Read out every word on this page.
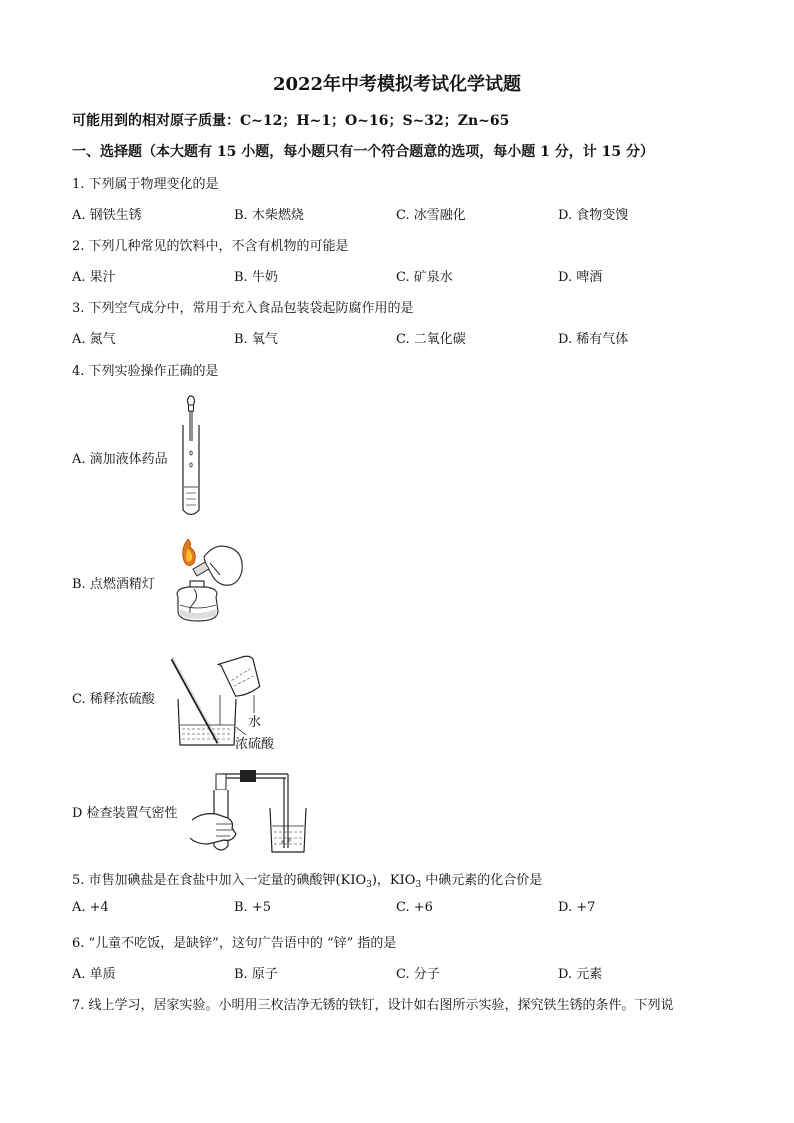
2022年中考模拟考试化学试题
可能用到的相对原子质量：C~12；H~1；O~16；S~32；Zn~65
一、选择题（本大题有 15 小题，每小题只有一个符合题意的选项，每小题 1 分，计 15 分）
1. 下列属于物理变化的是
A. 钢铁生锈	B. 木柴燃烧	C. 冰雪融化	D. 食物变馊
2. 下列几种常见的饮料中，不含有机物的可能是
A. 果汁	B. 牛奶	C. 矿泉水	D. 啤酒
3. 下列空气成分中，常用于充入食品包装袋起防腐作用的是
A. 氮气	B. 氧气	C. 二氧化碳	D. 稀有气体
4. 下列实验操作正确的是
A. 滴加液体药品
B. 点燃酒精灯
C. 稀释浓硫酸
水
浓硫酸
D 检查装置气密性
5. 市售加碘盐是在食盐中加入一定量的碘酸钾$(KIO_3)$，$KIO_3$ 中碘元素的化合价是
A. +4	B. +5	C. +6	D. +7
6. “儿童不吃饭，是缺锌”，这句广告语中的 “锌” 指的是
A. 单质	B. 原子	C. 分子	D. 元素
7. 线上学习，居家实验。小明用三枚洁净无锈的铁钉，设计如右图所示实验，探究铁生锈的条件。下列说
